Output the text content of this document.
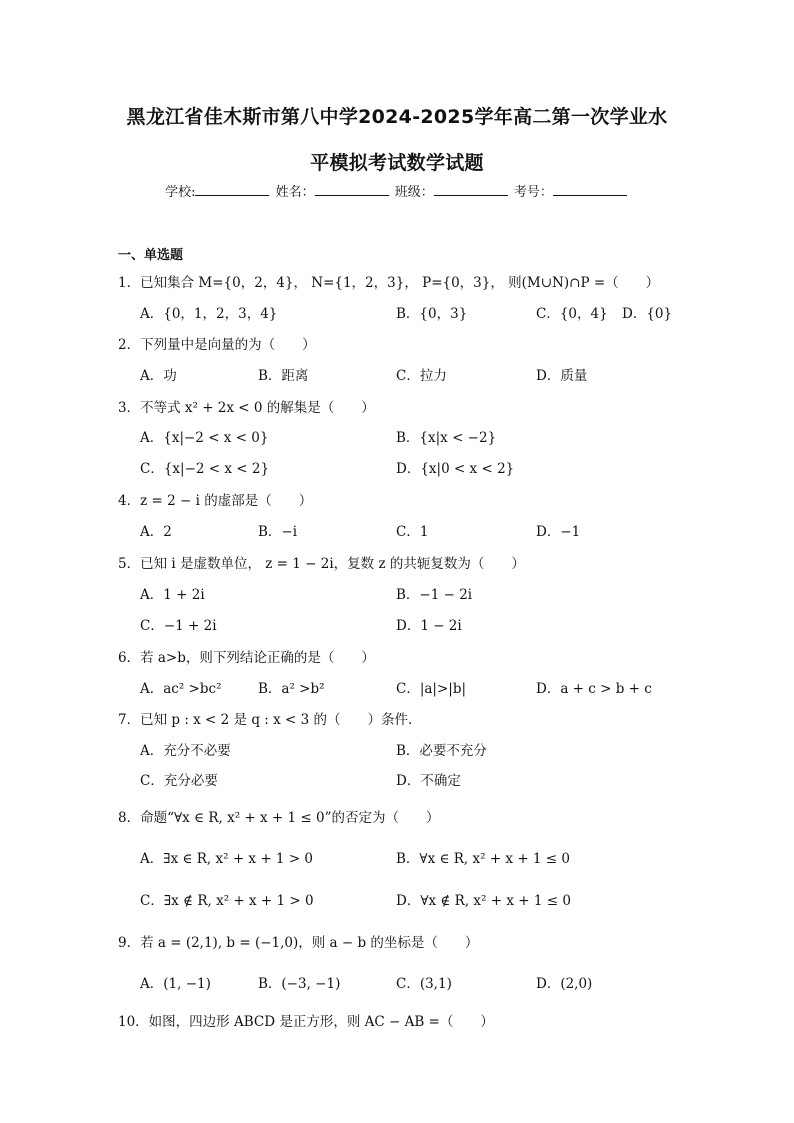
黑龙江省佳木斯市第八中学2024-2025学年高二第一次学业水
平模拟考试数学试题
学校:	姓名：	班级：	考号：
一、单选题
1．已知集合 M={0，2，4}， N={1，2，3}， P={0，3}， 则(M∪N)∩P =（　　）
A．{0，1，2，3，4}	B．{0，3}	C．{0，4} D．{0}
2．下列量中是向量的为（　　）
A．功	B．距离	C．拉力	D．质量
3．不等式 x² + 2x < 0 的解集是（　　）
A．{x|−2 < x < 0}	B．{x|x < −2}
C．{x|−2 < x < 2}	D．{x|0 < x < 2}
4．z = 2 − i 的虚部是（　　）
A．2	B．−i	C．1	D．−1
5．已知 i 是虚数单位， z = 1 − 2i，复数 z 的共轭复数为（　　）
A．1 + 2i	B．−1 − 2i
C．−1 + 2i	D．1 − 2i
6．若 a>b，则下列结论正确的是（　　）
A．ac² >bc²	B．a² >b²	C．|a|>|b|	D．a + c > b + c
7．已知 p : x < 2 是 q : x < 3 的（　　）条件.
A．充分不必要	B．必要不充分
C．充分必要	D．不确定
8．命题“∀x ∈ R, x² + x + 1 ≤ 0”的否定为（　　）
A．∃x ∈ R, x² + x + 1 > 0	B．∀x ∈ R, x² + x + 1 ≤ 0
C．∃x ∉ R, x² + x + 1 > 0	D．∀x ∉ R, x² + x + 1 ≤ 0
9．若 a = (2,1), b = (−1,0)，则 a − b 的坐标是（　　）
A．(1, −1)	B．(−3, −1)	C．(3,1)	D．(2,0)
10．如图，四边形 ABCD 是正方形，则 AC − AB =（　　）
